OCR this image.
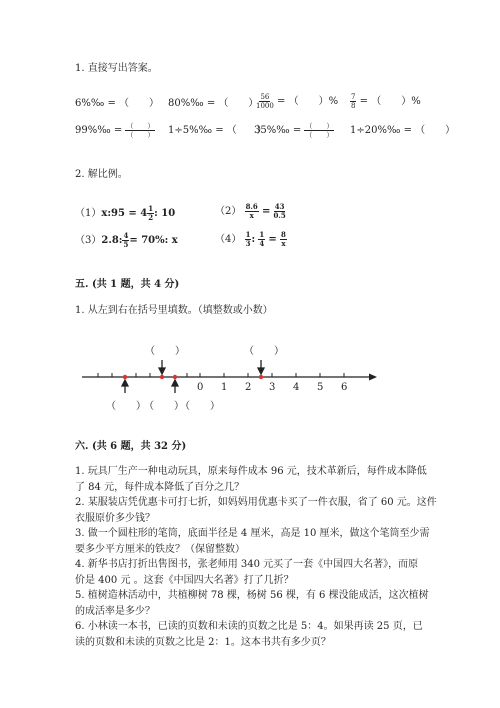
1. 直接写出答案。
6%‰ = （　　） 80%‰ = （　　）
$\frac{56}{1000}$ = （　　）% $\frac{7}{8}$ = （　　）%
99%‰ = $\frac{( )}{( )}$ 1÷5%‰ = （　　）
35%‰ = $\frac{( )}{( )}$ 1÷20%‰ = （　　）
2. 解比例。
（1）x:95 = $4 \frac{1}{2}$ : 10	$(2) \frac{8.6}{x} = \frac{43}{0.5}$
（3）2.8: $\frac{4}{5} = 70\%$: x	$(4) \frac{1}{3}$ : $\frac{1}{4} = \frac{8}{x}$
五. (共 1 题，共 4 分)
1. 从左到右在括号里填数。（填整数或小数）
（　　）	（　　）
0 1 2 3 4 5 6
（　　）
（　　）
（　　）
六. (共 6 题，共 32 分)
1. 玩具厂生产一种电动玩具，原来每件成本 96 元，技术革新后，每件成本降低
了 84 元，每件成本降低了百分之几？
2. 某服装店凭优惠卡可打七折，如妈妈用优惠卡买了一件衣服，省了 60 元。这件
衣服原价多少钱？
3. 做一个圆柱形的笔筒，底面半径是 4 厘米，高是 10 厘米，做这个笔筒至少需
要多少平方厘米的铁皮？（保留整数）
4. 新华书店打折出售图书，张老师用 340 元买了一套《中国四大名著》，而原
价是 400 元 。这套《中国四大名著》打了几折？
5. 植树造林活动中，共植柳树 78 棵，杨树 56 棵，有 6 棵没能成活，这次植树
的成活率是多少？
6. 小林读一本书，已读的页数和未读的页数之比是 5：4。如果再读 25 页，已
读的页数和未读的页数之比是 2：1。这本书共有多少页？
